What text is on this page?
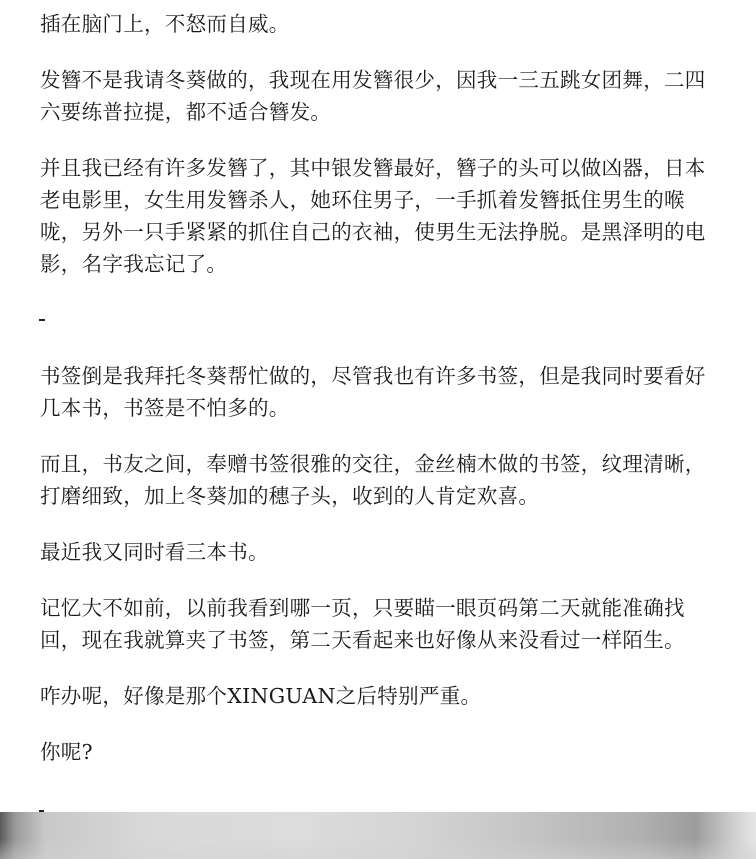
插在脑门上，不怒而自威。

发簪不是我请冬葵做的，我现在用发簪很少，因我一三五跳女团舞，二四六要练普拉提，都不适合簪发。

并且我已经有许多发簪了，其中银发簪最好，簪子的头可以做凶器，日本老电影里，女生用发簪杀人，她环住男子，一手抓着发簪抵住男生的喉咙，另外一只手紧紧的抓住自己的衣袖，使男生无法挣脱。是黑泽明的电影，名字我忘记了。

书签倒是我拜托冬葵帮忙做的，尽管我也有许多书签，但是我同时要看好几本书，书签是不怕多的。

而且，书友之间，奉赠书签很雅的交往，金丝楠木做的书签，纹理清晰，打磨细致，加上冬葵加的穗子头，收到的人肯定欢喜。

最近我又同时看三本书。

记忆大不如前，以前我看到哪一页，只要瞄一眼页码第二天就能准确找回，现在我就算夹了书签，第二天看起来也好像从来没看过一样陌生。

咋办呢，好像是那个XINGUAN之后特别严重。

你呢?
